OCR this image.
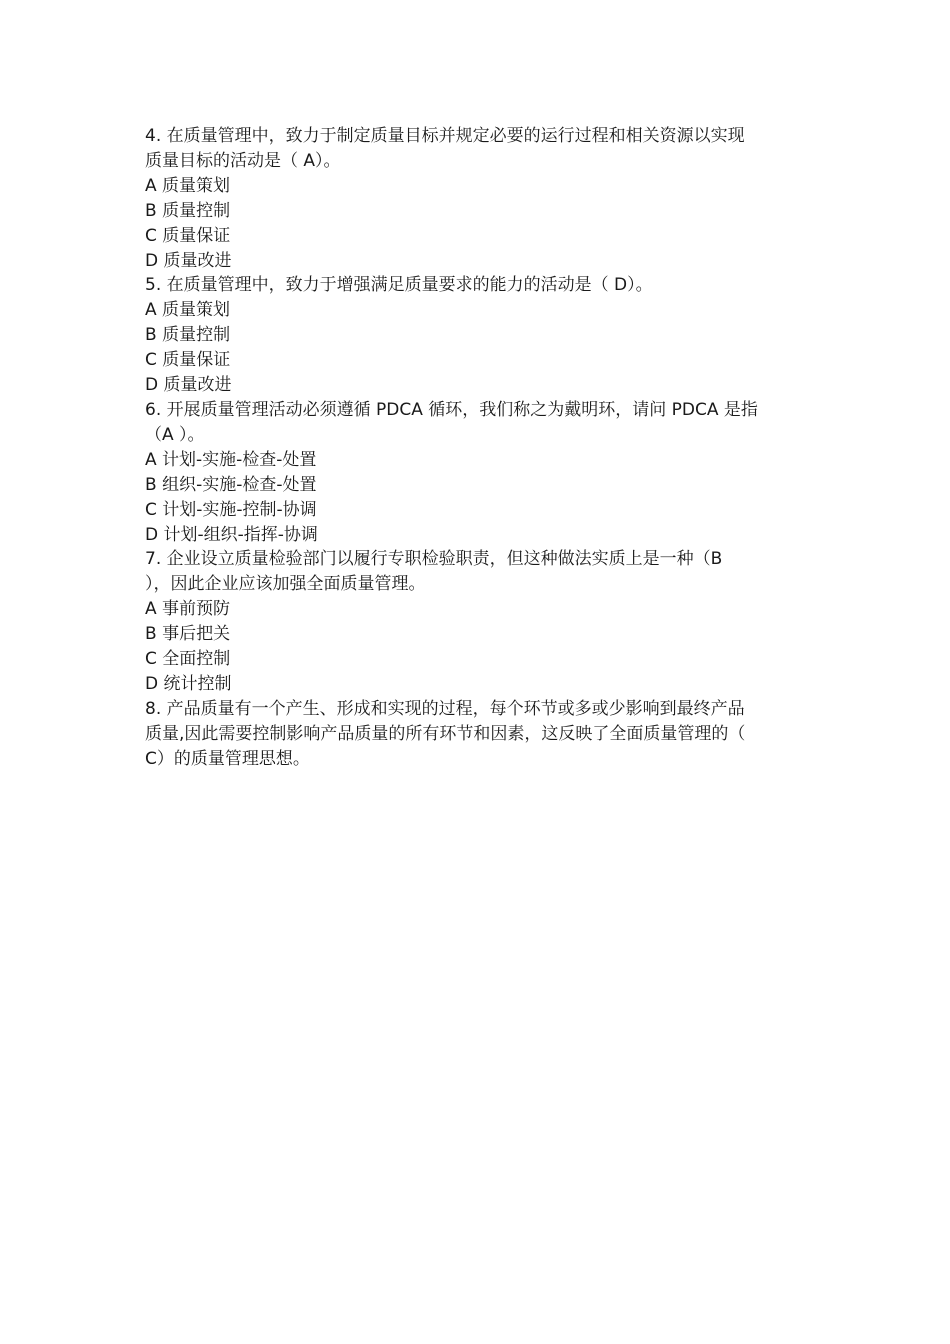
4. 在质量管理中，致力于制定质量目标并规定必要的运行过程和相关资源以实现
质量目标的活动是（ A）。
A 质量策划
B 质量控制
C 质量保证
D 质量改进
5. 在质量管理中，致力于增强满足质量要求的能力的活动是（ D）。
A 质量策划
B 质量控制
C 质量保证
D 质量改进
6. 开展质量管理活动必须遵循 PDCA 循环，我们称之为戴明环，请问 PDCA 是指
（A ）。
A 计划-实施-检查-处置
B 组织-实施-检查-处置
C 计划-实施-控制-协调
D 计划-组织-指挥-协调
7. 企业设立质量检验部门以履行专职检验职责，但这种做法实质上是一种（B
），因此企业应该加强全面质量管理。
A 事前预防
B 事后把关
C 全面控制
D 统计控制
8. 产品质量有一个产生、形成和实现的过程，每个环节或多或少影响到最终产品
质量,因此需要控制影响产品质量的所有环节和因素，这反映了全面质量管理的（
C）的质量管理思想。
